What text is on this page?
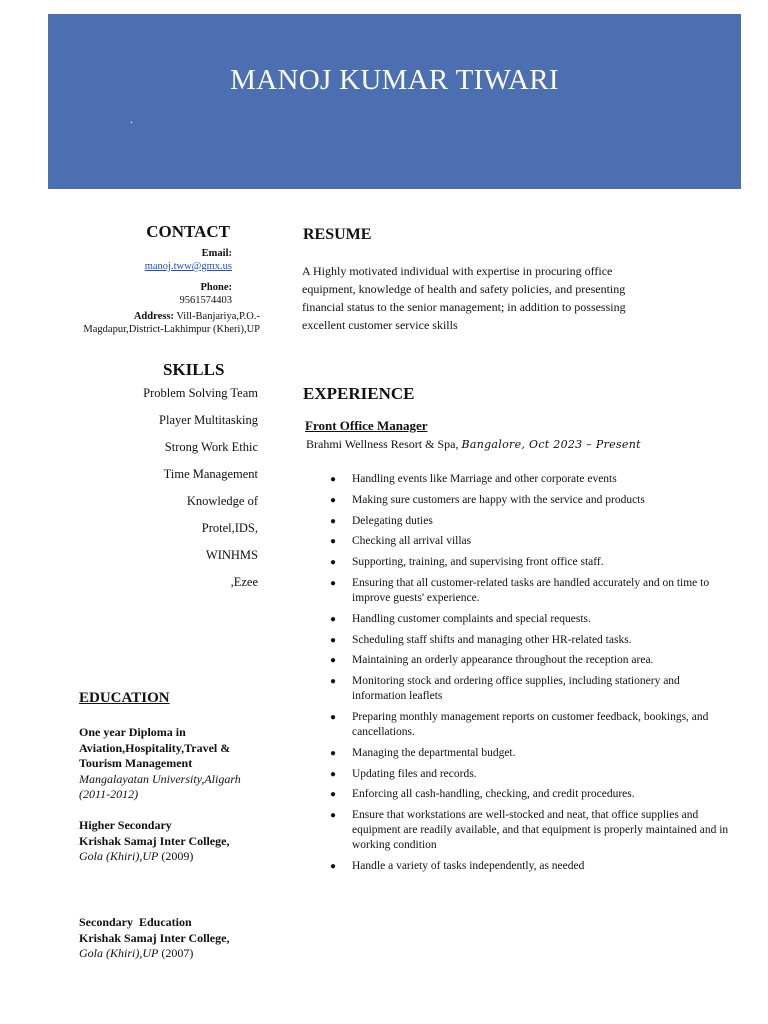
MANOJ KUMAR TIWARI
.
CONTACT
Email:
manoj.tww@gmx.us
Phone:
9561574403
Address: Vill-Banjariya,P.O.-
Magdapur,District-Lakhimpur (Kheri),UP
SKILLS
Problem Solving Team
Player Multitasking
Strong Work Ethic
Time Management
Knowledge of
Protel,IDS,
WINHMS
,Ezee
EDUCATION
One year Diploma in
Aviation,Hospitality,Travel &
Tourism Management
Mangalayatan University,Aligarh
(2011-2012)
Higher Secondary
Krishak Samaj Inter College,
Gola (Khiri),UP (2009)
Secondary  Education
Krishak Samaj Inter College,
Gola (Khiri),UP (2007)
RESUME
A Highly motivated individual with expertise in procuring office equipment, knowledge of health and safety policies, and presenting financial status to the senior management; in addition to possessing excellent customer service skills
EXPERIENCE
Front Office Manager
Brahmi Wellness Resort & Spa, Bangalore, Oct 2023 – Present
● Handling events like Marriage and other corporate events
● Making sure customers are happy with the service and products
● Delegating duties
● Checking all arrival villas
● Supporting, training, and supervising front office staff.
● Ensuring that all customer-related tasks are handled accurately and on time to improve guests' experience.
● Handling customer complaints and special requests.
● Scheduling staff shifts and managing other HR-related tasks.
● Maintaining an orderly appearance throughout the reception area.
● Monitoring stock and ordering office supplies, including stationery and information leaflets
● Preparing monthly management reports on customer feedback, bookings, and cancellations.
● Managing the departmental budget.
● Updating files and records.
● Enforcing all cash-handling, checking, and credit procedures.
● Ensure that workstations are well-stocked and neat, that office supplies and equipment are readily available, and that equipment is properly maintained and in working condition
● Handle a variety of tasks independently, as needed
